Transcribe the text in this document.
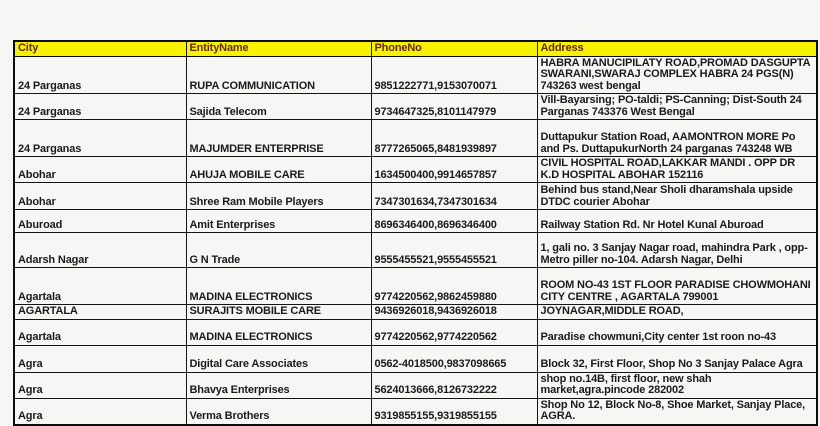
City	EntityName	PhoneNo	Address
24 Parganas	RUPA COMMUNICATION	9851222771,9153070071	HABRA MANUCIPILATY ROAD,PROMAD DASGUPTA SWARANI,SWARAJ COMPLEX HABRA 24 PGS(N) 743263 west bengal
24 Parganas	Sajida Telecom	9734647325,8101147979	Vill-Bayarsing; PO-taldi; PS-Canning; Dist-South 24 Parganas 743376 West Bengal
24 Parganas	MAJUMDER ENTERPRISE	8777265065,8481939897	Duttapukur Station Road, AAMONTRON MORE Po and Ps. DuttapukurNorth 24 parganas 743248 WB
Abohar	AHUJA MOBILE CARE	1634500400,9914657857	CIVIL HOSPITAL ROAD,LAKKAR MANDI . OPP DR K.D HOSPITAL ABOHAR 152116
Abohar	Shree Ram Mobile Players	7347301634,7347301634	Behind bus stand,Near Sholi dharamshala upside DTDC courier Abohar
Aburoad	Amit Enterprises	8696346400,8696346400	Railway Station Rd. Nr Hotel Kunal Aburoad
Adarsh Nagar	G N Trade	9555455521,9555455521	1, gali no. 3 Sanjay Nagar road, mahindra Park , opp-Metro piller no-104. Adarsh Nagar, Delhi
Agartala	MADINA ELECTRONICS	9774220562,9862459880	ROOM NO-43 1ST FLOOR PARADISE CHOWMOHANI CITY CENTRE , AGARTALA 799001
AGARTALA	SURAJITS MOBILE CARE	9436926018,9436926018	JOYNAGAR,MIDDLE ROAD,
Agartala	MADINA ELECTRONICS	9774220562,9774220562	Paradise chowmuni,City center 1st roon no-43
Agra	Digital Care Associates	0562-4018500,9837098665	Block 32, First Floor, Shop No 3 Sanjay Palace Agra
Agra	Bhavya Enterprises	5624013666,8126732222	shop no.14B, first floor, new shah market,agra.pincode 282002
Agra	Verma Brothers	9319855155,9319855155	Shop No 12, Block No-8, Shoe Market, Sanjay Place, AGRA.
